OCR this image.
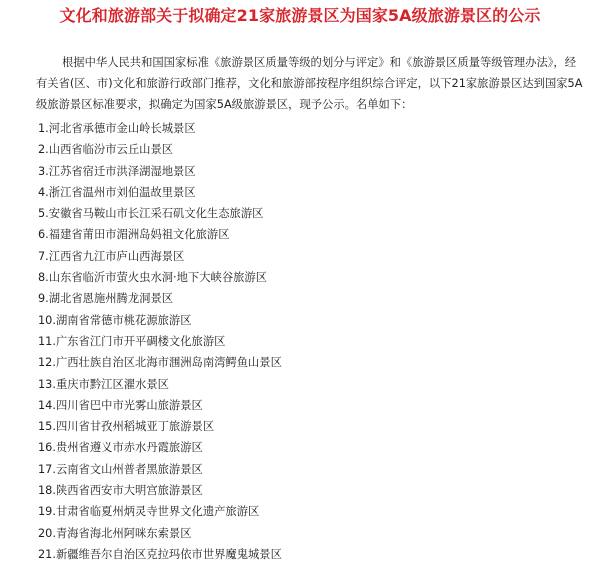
文化和旅游部关于拟确定21家旅游景区为国家5A级旅游景区的公示

根据中华人民共和国国家标准《旅游景区质量等级的划分与评定》和《旅游景区质量等级管理办法》，经有关省(区、市)文化和旅游行政部门推荐，文化和旅游部按程序组织综合评定，以下21家旅游景区达到国家5A级旅游景区标准要求，拟确定为国家5A级旅游景区，现予公示。名单如下：

1.河北省承德市金山岭长城景区
2.山西省临汾市云丘山景区
3.江苏省宿迁市洪泽湖湿地景区
4.浙江省温州市刘伯温故里景区
5.安徽省马鞍山市长江采石矶文化生态旅游区
6.福建省莆田市湄洲岛妈祖文化旅游区
7.江西省九江市庐山西海景区
8.山东省临沂市萤火虫水洞·地下大峡谷旅游区
9.湖北省恩施州腾龙洞景区
10.湖南省常德市桃花源旅游区
11.广东省江门市开平碉楼文化旅游区
12.广西壮族自治区北海市涠洲岛南湾鳄鱼山景区
13.重庆市黔江区濯水景区
14.四川省巴中市光雾山旅游景区
15.四川省甘孜州稻城亚丁旅游景区
16.贵州省遵义市赤水丹霞旅游区
17.云南省文山州普者黑旅游景区
18.陕西省西安市大明宫旅游景区
19.甘肃省临夏州炳灵寺世界文化遗产旅游区
20.青海省海北州阿咪东索景区
21.新疆维吾尔自治区克拉玛依市世界魔鬼城景区
